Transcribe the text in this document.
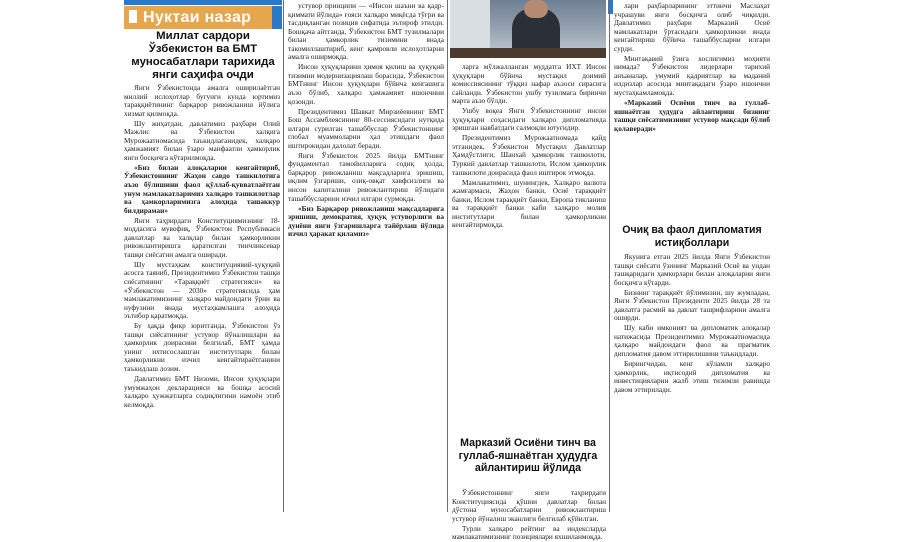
Нуктаи назар
Миллат сардори Ўзбекистон ва БМТ муносабатлари тарихида янги саҳифа очди

Янги Ўзбекистонда амалга оширилаётган миллий ислоҳотлар бугунги кунда юртимиз тараққиётининг барқарор ривожланиш йўлига хизмат қилмоқда.

Шу жиҳатдан, давлатимиз раҳбари Олий Мажлис ва Ўзбекистон халқига Мурожаатномасида таъкидлаганидек, халқаро ҳамжамият билан ўзаро манфаатли ҳамкорлик янги босқичга кўтарилмоқда.

«Биз билан алоқаларни кенгайтириб, Ўзбекистоннинг Жаҳон савдо ташкилотига аъзо бўлишини фаол қўллаб-қувватлаётган унум мамлакатларимиз халқаро ташкилотлар ва ҳамкорларимизга алоҳида ташаккур билдираман»

Янги таҳрирдаги Конституциямизнинг 18-моддасига мувофиқ, Ўзбекистон Республикаси давлатлар ва халқлар билан ҳамкорликни ривожлантиришга қаратилган тинчликсевар ташқи сиёсатни амалга оширади.

Шу мустаҳкам конституциявий-ҳуқуқий асосга таяниб, Президентимиз Ўзбекистон ташқи сиёсатининг «Тараққиёт стратегияси» ва «Ўзбекистон — 2030» стратегиясида ҳам мамлакатимизнинг халқаро майдондаги ўрни ва нуфузини янада мустаҳкамлашга алоҳида эътибор қаратмоқда.

Бу ҳақда фикр юритганда, Ўзбекистон ўз ташқи сиёсатининг устувор йўналишлари ва ҳамкорлик доирасини белгилаб, БМТ ҳамда унинг ихтисослашган институтлари билан ҳамкорликни изчил кенгайтираётганини таъкидлаш лозим.

Давлатимиз БМТ Низоми, Инсон ҳуқуқлари умумжаҳон декларацияси ва бошқа асосий халқаро ҳужжатларга содиқлигини намоён этиб келмоқда.

устувор принципи — «Инсон шаъни ва қадр-қиммати йўлида» ғояси халқаро миқёсда тўғри ва тасдиқланган позиция сифатида эътироф этилди. Бошқача айтганда, Ўзбекистон БМТ тузилмалари билан ҳамкорлик тизимини янада такомиллаштириб, кенг қамровли ислоҳотларни амалга оширмоқда.

Инсон ҳуқуқларини ҳимоя қилиш ва ҳуқуқий тизимни модернизациялаш борасида, Ўзбекистон БМТнинг Инсон ҳуқуқлари бўйича кенгашига аъзо бўлиб, халқаро ҳамжамият ишончини қозонди.

Президентимиз Шавкат Мирзиёевнинг БМТ Бош Ассамблеясининг 80-сессиясидаги нутқида илгари сурилган ташаббуслар Ўзбекистоннинг глобал муаммоларни ҳал этишдаги фаол иштирокидан далолат беради.

Янги Ўзбекистон 2025 йилда БМТнинг фундаментал тамойилларига содиқ ҳолда, барқарор ривожланиш мақсадларига эришиш, иқлим ўзгариши, озиқ-овқат хавфсизлиги ва инсон капиталини ривожлантириш йўлидаги ташаббусларини изчил илгари сурмоқда.

«Биз Барқарор ривожланиш мақсадларига эришиш, демократия, ҳуқуқ устуворлиги ва дунёни янги ўзгаришларга тайёрлаш йўлида изчил ҳаракат қиламиз»

ларга мўлжалланган муддатга ИХТ Инсон ҳуқуқлари бўйича мустақил доимий комиссиясининг тўққиз нафар аъзоси сирасига сайланди. Ўзбекистон ушбу тузилмага биринчи марта аъзо бўлди.

Ушбу воқеа Янги Ўзбекистоннинг инсон ҳуқуқлари соҳасидаги халқаро дипломатияда эришган навбатдаги салмоқли ютуғидир.

Президентимиз Мурожаатномада қайд этганидек, Ўзбекистон Мустақил Давлатлар Ҳамдўстлиги, Шанхай ҳамкорлик ташкилоти, Туркий давлатлар ташкилоти, Ислом ҳамкорлик ташкилоти доирасида фаол иштирок этмоқда.

Мамлакатимиз, шунингдек, Халқаро валюта жамғармаси, Жаҳон банки, Осиё тараққиёт банки, Ислом тараққиёт банки, Европа тикланиш ва тараққиёт банки каби халқаро молия институтлари билан ҳамкорликни кенгайтирмоқда.

Марказий Осиёни тинч ва гуллаб-яшнаётган ҳудудга айлантириш йўлида

Ўзбекистоннинг янги таҳрирдаги Конституциясида қўшни давлатлар билан дўстона муносабатларни ривожлантириш устувор йўналиш эканлиги белгилаб қўйилган.

Турли халқаро рейтинг ва индексларда мамлакатимизнинг позициялари яхшиланмоқда.

лари раҳбарларининг эттинчи Маслаҳат учрашуви янги босқичга олиб чиқилди. Давлатимиз раҳбари Марказий Осиё мамлакатлари ўртасидаги ҳамкорликни янада кенгайтириш бўйича ташаббусларни илгари сурди.

Минтақавий ўзига хослигимиз моҳияти нимада? Ўзбекистон лидерлари тарихий анъаналар, умумий қадриятлар ва маданий илдизлар асосида минтақадаги ўзаро ишончни мустаҳкамламоқда.

«Марказий Осиёни тинч ва гуллаб-яшнаётган ҳудудга айлантириш бизнинг ташқи сиёсатимизнинг устувор мақсади бўлиб қолаверади»

Очиқ ва фаол дипломатия истиқболлари

Якунига етган 2025 йилда Янги Ўзбекистон ташқи сиёсати ўзининг Марказий Осиё ва ундан ташқаридаги ҳамкорлари билан алоқаларни янги босқичга кўтарди.

Бизнинг тараққиёт йўлимизни, шу жумладан, Янги Ўзбекистон Президенти 2025 йилда 28 та давлатга расмий ва давлат ташрифларини амалга оширди.

Шу каби имконият ва дипломатик алоқалар натижасида Президентимиз Мурожаатномасида ҳалқаро майдондаги фаол ва прагматик дипломатия давом эттирилишини таъкидлади.

Бирингчидан, кенг кўламли халқаро ҳамкорлик, иқтисодий дипломатия ва инвестицияларни жалб этиш тизимли равишда давом эттирилади.
